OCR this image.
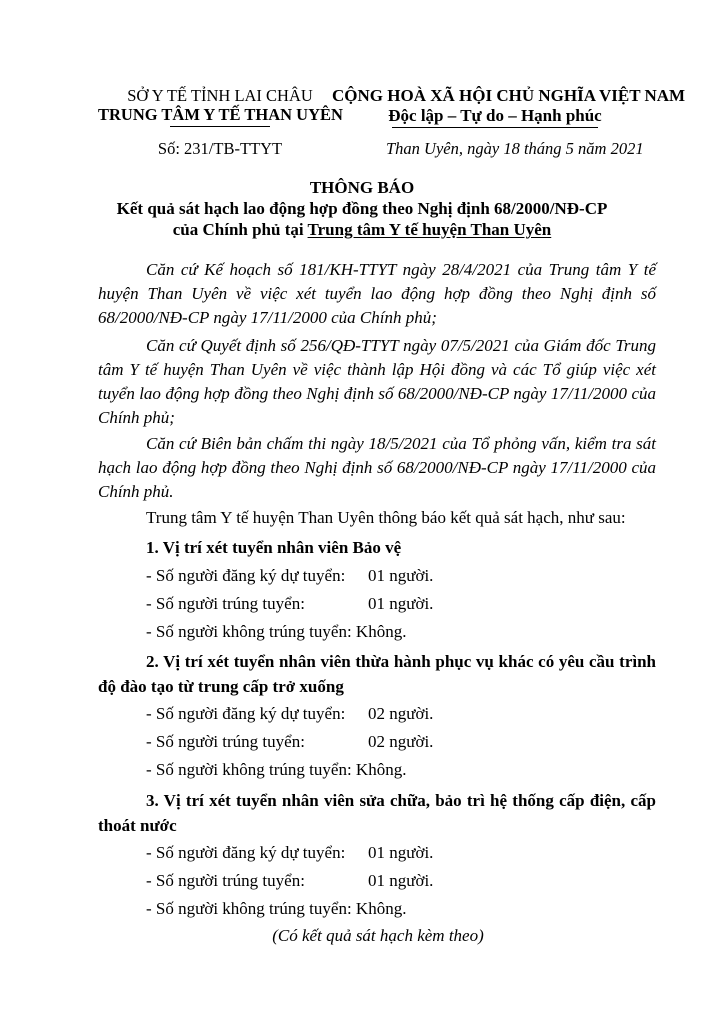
SỞ Y TẾ TỈNH LAI CHÂU
TRUNG TÂM Y TẾ THAN UYÊN
CỘNG HOÀ XÃ HỘI CHỦ NGHĨA VIỆT NAM
Độc lập – Tự do – Hạnh phúc
Số: 231/TB-TTYT	Than Uyên, ngày 18 tháng 5 năm 2021
THÔNG BÁO
Kết quả sát hạch lao động hợp đồng theo Nghị định 68/2000/NĐ-CP
của Chính phủ tại Trung tâm Y tế huyện Than Uyên
Căn cứ Kế hoạch số 181/KH-TTYT ngày 28/4/2021 của Trung tâm Y tế huyện Than Uyên về việc xét tuyển lao động hợp đồng theo Nghị định số 68/2000/NĐ-CP ngày 17/11/2000 của Chính phủ;
Căn cứ Quyết định số 256/QĐ-TTYT ngày 07/5/2021 của Giám đốc Trung tâm Y tế huyện Than Uyên về việc thành lập Hội đồng và các Tổ giúp việc xét tuyển lao động hợp đồng theo Nghị định số 68/2000/NĐ-CP ngày 17/11/2000 của Chính phủ;
Căn cứ Biên bản chấm thi ngày 18/5/2021 của Tổ phỏng vấn, kiểm tra sát hạch lao động hợp đồng theo Nghị định số 68/2000/NĐ-CP ngày 17/11/2000 của Chính phủ.
Trung tâm Y tế huyện Than Uyên thông báo kết quả sát hạch, như sau:
1. Vị trí xét tuyển nhân viên Bảo vệ
- Số người đăng ký dự tuyển: 01 người.
- Số người trúng tuyển:	01 người.
- Số người không trúng tuyển: Không.
2. Vị trí xét tuyển nhân viên thừa hành phục vụ khác có yêu cầu trình độ đào tạo từ trung cấp trở xuống
- Số người đăng ký dự tuyển: 02 người.
- Số người trúng tuyển:	02 người.
- Số người không trúng tuyển: Không.
3. Vị trí xét tuyển nhân viên sửa chữa, bảo trì hệ thống cấp điện, cấp thoát nước
- Số người đăng ký dự tuyển: 01 người.
- Số người trúng tuyển:	01 người.
- Số người không trúng tuyển: Không.
(Có kết quả sát hạch kèm theo)
